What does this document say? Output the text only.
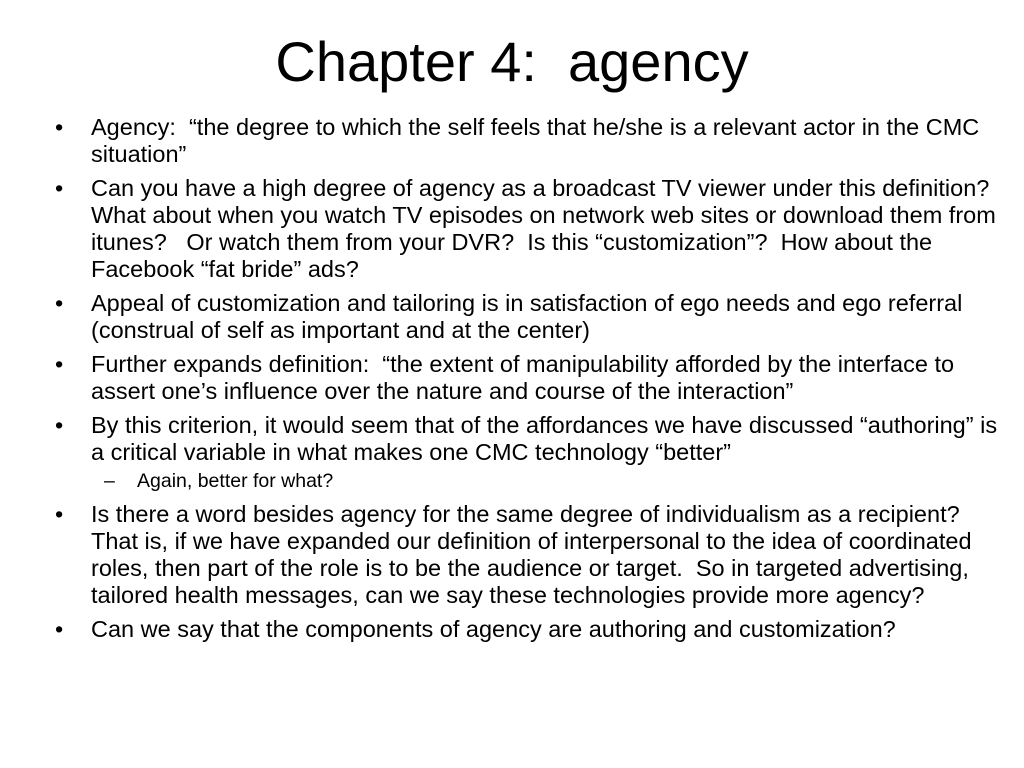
Chapter 4:  agency
•	Agency:  “the degree to which the self feels that he/she is a relevant actor in the CMC situation”
•	Can you have a high degree of agency as a broadcast TV viewer under this definition?  What about when you watch TV episodes on network web sites or download them from itunes?   Or watch them from your DVR?  Is this “customization”?  How about the Facebook “fat bride” ads?
•	Appeal of customization and tailoring is in satisfaction of ego needs and ego referral (construal of self as important and at the center)
•	Further expands definition:  “the extent of manipulability afforded by the interface to assert one’s influence over the nature and course of the interaction”
•	By this criterion, it would seem that of the affordances we have discussed “authoring” is a critical variable in what makes one CMC technology “better”
–	Again, better for what?
•	Is there a word besides agency for the same degree of individualism as a recipient?  That is, if we have expanded our definition of interpersonal to the idea of coordinated roles, then part of the role is to be the audience or target.  So in targeted advertising, tailored health messages, can we say these technologies provide more agency?
•	Can we say that the components of agency are authoring and customization?
